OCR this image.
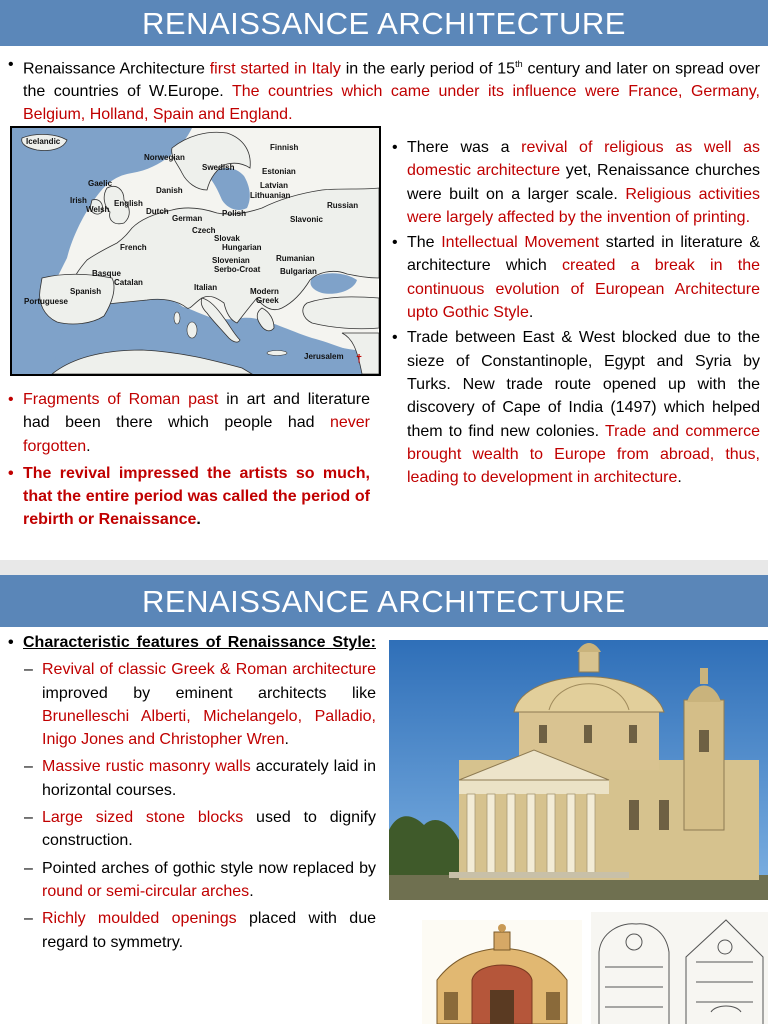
RENAISSANCE ARCHITECTURE
• Renaissance Architecture first started in Italy in the early period of 15th century and later on spread over the countries of W.Europe. The countries which came under its influence were France, Germany, Belgium, Holland, Spain and England.
Icelandic
Finnish
Norwegian
Swedish	Estonian
Latvian
Lithuanian
Gaelic
Danish
Irish
Welsh
English
Dutch
German
Polish
Russian
Slavonic
Czech
Slovak
Hungarian
French
Slovenian	Rumanian
Serbo-Croat Bulgarian
Basque
Catalan
Italian
Spanish	Modern
Greek
Portuguese
Jerusalem †
• Fragments of Roman past in art and literature had been there which people had never forgotten.
• The revival impressed the artists so much, that the entire period was called the period of rebirth or Renaissance.
• There was a revival of religious as well as domestic architecture yet, Renaissance churches were built on a larger scale. Religious activities were largely affected by the invention of printing.
• The Intellectual Movement started in literature & architecture which created a break in the continuous evolution of European Architecture upto Gothic Style.
• Trade between East & West blocked due to the sieze of Constantinople, Egypt and Syria by Turks. New trade route opened up with the discovery of Cape of India (1497) which helped them to find new colonies. Trade and commerce brought wealth to Europe from abroad, thus, leading to development in architecture.
RENAISSANCE ARCHITECTURE
• Characteristic features of Renaissance Style:
– Revival of classic Greek & Roman architecture improved by eminent architects like Brunelleschi Alberti, Michelangelo, Palladio, Inigo Jones and Christopher Wren.
– Massive rustic masonry walls accurately laid in horizontal courses.
– Large sized stone blocks used to dignify construction.
– Pointed arches of gothic style now replaced by round or semi-circular arches.
– Richly moulded openings placed with due regard to symmetry.
